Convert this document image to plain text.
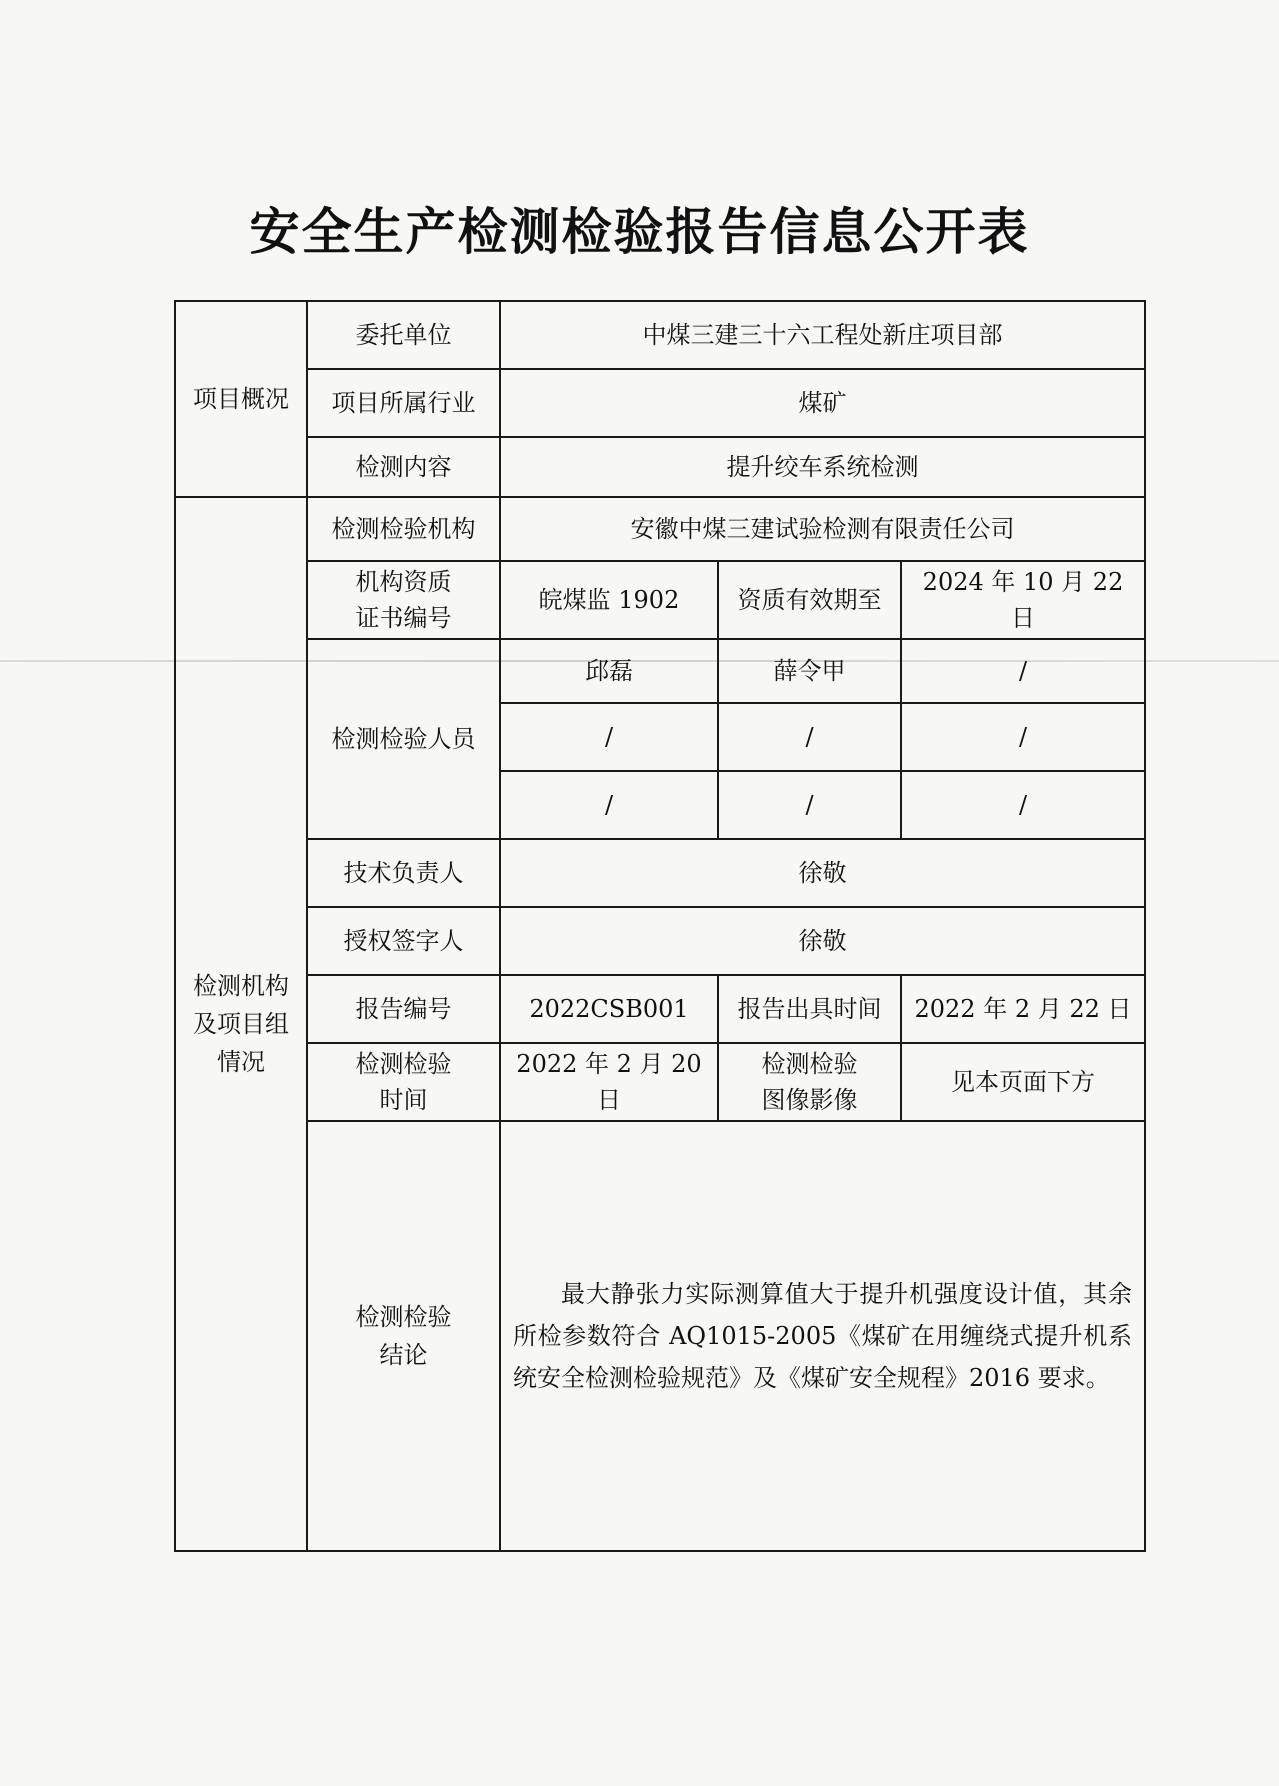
安全生产检测检验报告信息公开表
项目概况	委托单位	中煤三建三十六工程处新庄项目部		
	项目所属行业	煤矿		
	检测内容	提升绞车系统检测		

检测机构及项目组情况	检测检验机构	安徽中煤三建试验检测有限责任公司		

	机构资质证书编号	皖煤监 1902	资质有效期至	2024 年 10 月 22 日
	检测检验人员	邱磊	薛令甲	/
		/	/	/
		/	/	/
	技术负责人	徐敬		
	授权签字人	徐敬		
	报告编号	2022CSB001	报告出具时间	2022 年 2 月 22 日

	检测检验时间	2022 年 2 月 20 日	检测检验图像影像	见本页面下方

	检测检验结论	最大静张力实际测算值大于提升机强度设计值，其余所检参数符合 AQ1015-2005《煤矿在用缠绕式提升机系统安全检测检验规范》及《煤矿安全规程》2016 要求。		
